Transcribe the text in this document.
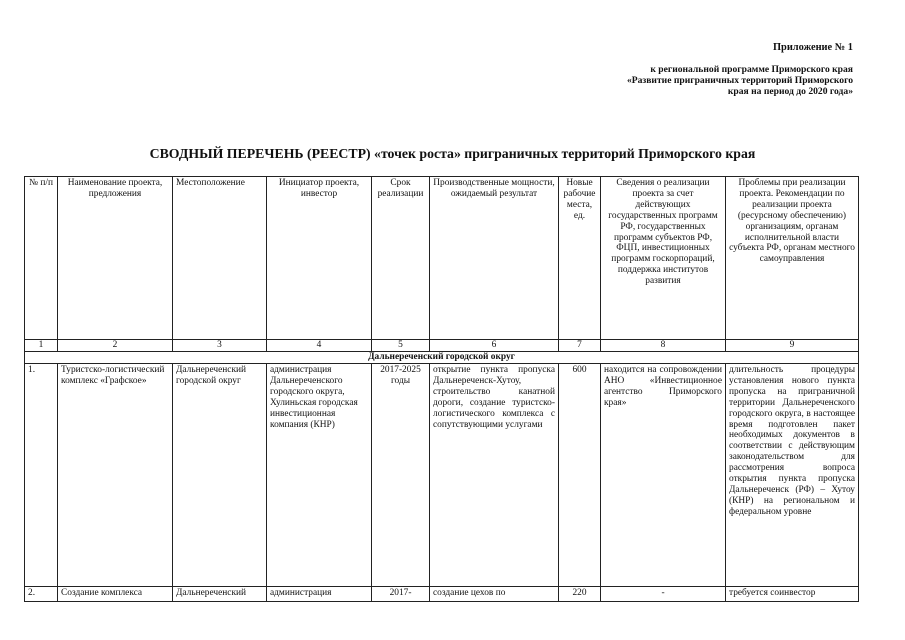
Приложение № 1
к региональной программе Приморского края
«Развитие приграничных территорий Приморского
края на период до 2020 года»
СВОДНЫЙ ПЕРЕЧЕНЬ (РЕЕСТР) «точек роста» приграничных территорий Приморского края
№ п/п	Наименование проекта, предложения	Местоположение	Инициатор проекта, инвестор	Срок реализации	Производственные мощности, ожидаемый результат	Новые рабочие места, ед.	Сведения о реализации проекта за счет действующих государственных программ РФ, государственных программ субъектов РФ, ФЦП, инвестиционных программ госкорпораций, поддержка институтов развития	Проблемы при реализации проекта. Рекомендации по реализации проекта (ресурсному обеспечению) организациям, органам исполнительной власти субъекта РФ, органам местного самоуправления
1	2	3	4	5	6	7	8	9
Дальнереченский городской округ								
1.	Туристско-логистический комплекс «Графское»	Дальнереченский городской округ	администрация Дальнереченского городского округа, Хулиньская городская инвестиционная компания (КНР)	2017-2025 годы	открытие пункта пропуска Дальнереченск-Хутоу, строительство канатной дороги, создание туристско-логистического комплекса с сопутствующими услугами	600	находится на сопровождении АНО «Инвестиционное агентство Приморского края»	длительность процедуры установления нового пункта пропуска на приграничной территории Дальнереченского городского округа, в настоящее время подготовлен пакет необходимых документов в соответствии с действующим законодательством для рассмотрения вопроса открытия пункта пропуска Дальнереченск (РФ) – Хутоу (КНР) на региональном и федеральном уровне
2.	Создание комплекса	Дальнереченский	администрация	2017-	создание цехов по	220	-	требуется соинвестор
